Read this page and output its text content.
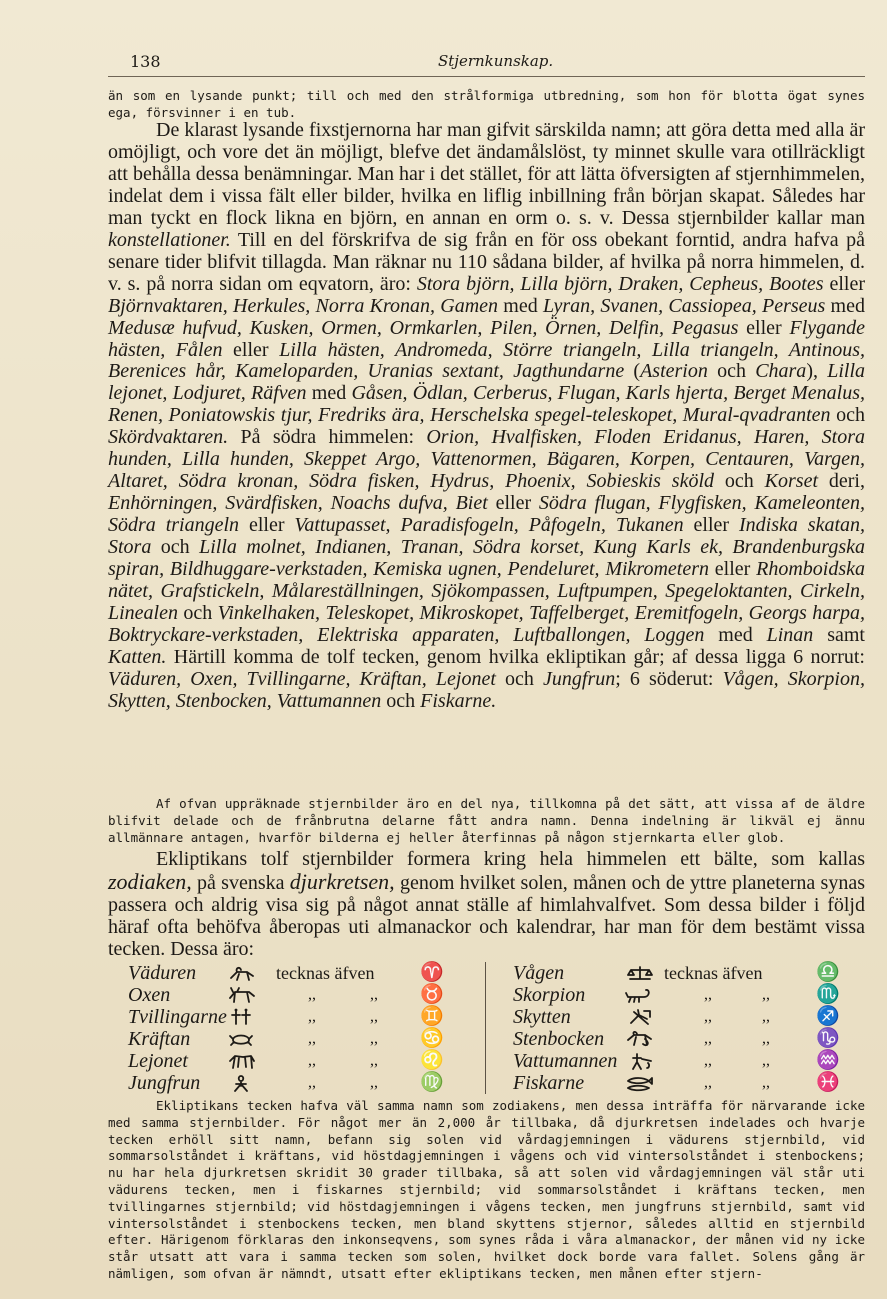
138	Stjernkunskap.
än som en lysande punkt; till och med den strålformiga utbredning, som hon för blotta ögat synes ega, försvinner i en tub.
De klarast lysande fixstjernorna har man gifvit särskilda namn; att göra detta med alla är omöjligt, och vore det än möjligt, blefve det ändamålslöst, ty minnet skulle vara otillräckligt att behålla dessa benämningar. Man har i det stället, för att lätta öfversigten af stjernhimmelen, indelat dem i vissa fält eller bilder, hvilka en liflig inbillning från början skapat. Således har man tyckt en flock likna en björn, en annan en orm o. s. v. Dessa stjernbilder kallar man konstellationer. Till en del förskrifva de sig från en för oss obekant forntid, andra hafva på senare tider blifvit tillagda. Man räknar nu 110 sådana bilder, af hvilka på norra himmelen, d. v. s. på norra sidan om eqvatorn, äro: Stora björn, Lilla björn, Draken, Cepheus, Bootes eller Björnvaktaren, Herkules, Norra Kronan, Gamen med Lyran, Svanen, Cassiopea, Perseus med Medusæ hufvud, Kusken, Ormen, Ormkarlen, Pilen, Örnen, Delfin, Pegasus eller Flygande hästen, Fålen eller Lilla hästen, Andromeda, Större triangeln, Lilla triangeln, Antinous, Berenices hår, Kameloparden, Uranias sextant, Jagthundarne (Asterion och Chara), Lilla lejonet, Lodjuret, Räfven med Gåsen, Ödlan, Cerberus, Flugan, Karls hjerta, Berget Menalus, Renen, Poniatowskis tjur, Fredriks ära, Herschelska spegel-teleskopet, Mural-qvadranten och Skördvaktaren. På södra himmelen: Orion, Hvalfisken, Floden Eridanus, Haren, Stora hunden, Lilla hunden, Skeppet Argo, Vattenormen, Bägaren, Korpen, Centauren, Vargen, Altaret, Södra kronan, Södra fisken, Hydrus, Phoenix, Sobieskis sköld och Korset deri, Enhörningen, Svärdfisken, Noachs dufva, Biet eller Södra flugan, Flygfisken, Kameleonten, Södra triangeln eller Vattupasset, Paradisfogeln, Påfogeln, Tukanen eller Indiska skatan, Stora och Lilla molnet, Indianen, Tranan, Södra korset, Kung Karls ek, Brandenburgska spiran, Bildhuggare-verkstaden, Kemiska ugnen, Pendeluret, Mikrometern eller Rhomboidska nätet, Grafstickeln, Målareställningen, Sjökompassen, Luftpumpen, Spegeloktanten, Cirkeln, Linealen och Vinkelhaken, Teleskopet, Mikroskopet, Taffelberget, Eremitfogeln, Georgs harpa, Boktryckare-verkstaden, Elektriska apparaten, Luftballongen, Loggen med Linan samt Katten. Härtill komma de tolf tecken, genom hvilka ekliptikan går; af dessa ligga 6 norrut: Väduren, Oxen, Tvillingarne, Kräftan, Lejonet och Jungfrun; 6 söderut: Vågen, Skorpion, Skytten, Stenbocken, Vattumannen och Fiskarne.
Af ofvan uppräknade stjernbilder äro en del nya, tillkomna på det sätt, att vissa af de äldre blifvit delade och de frånbrutna delarne fått andra namn. Denna indelning är likväl ej ännu allmännare antagen, hvarför bilderna ej heller återfinnas på någon stjernkarta eller glob.
Ekliptikans tolf stjernbilder formera kring hela himmelen ett bälte, som kallas zodiaken, på svenska djurkretsen, genom hvilket solen, månen och de yttre planeterna synas passera och aldrig visa sig på något annat ställe af himlahvalfvet. Som dessa bilder i följd häraf ofta behöfva åberopas uti almanackor och kalendrar, har man för dem bestämt vissa tecken. Dessa äro:
Väduren	tecknas äfven ♈
Oxen	,,	,, ♉
Tvillingarne	,,	,, ♊
Kräftan	,,	,, ♋
Lejonet	,,	,, ♌
Jungfrun	,,	,, ♍
Vågen	tecknas äfven	♎
Skorpion	,,	,, ♏
Skytten	,,	,, ♐
Stenbocken	,,	,, ♑
Vattumannen	,,	,, ♒
Fiskarne	,,	,, ♓
Ekliptikans tecken hafva väl samma namn som zodiakens, men dessa inträffa för närvarande icke med samma stjernbilder. För något mer än 2,000 år tillbaka, då djurkretsen indelades och hvarje tecken erhöll sitt namn, befann sig solen vid vårdagjemningen i vädurens stjernbild, vid sommarsolståndet i kräftans, vid höstdagjemningen i vågens och vid vintersolståndet i stenbockens; nu har hela djurkretsen skridit 30 grader tillbaka, så att solen vid vårdagjemningen väl står uti vädurens tecken, men i fiskarnes stjernbild; vid sommarsolståndet i kräftans tecken, men tvillingarnes stjernbild; vid höstdagjemningen i vågens tecken, men jungfruns stjernbild, samt vid vintersolståndet i stenbockens tecken, men bland skyttens stjernor, således alltid en stjernbild efter. Härigenom förklaras den inkonseqvens, som synes råda i våra almanackor, der månen vid ny icke står utsatt att vara i samma tecken som solen, hvilket dock borde vara fallet. Solens gång är nämligen, som ofvan är nämndt, utsatt efter ekliptikans tecken, men månen efter stjern-
